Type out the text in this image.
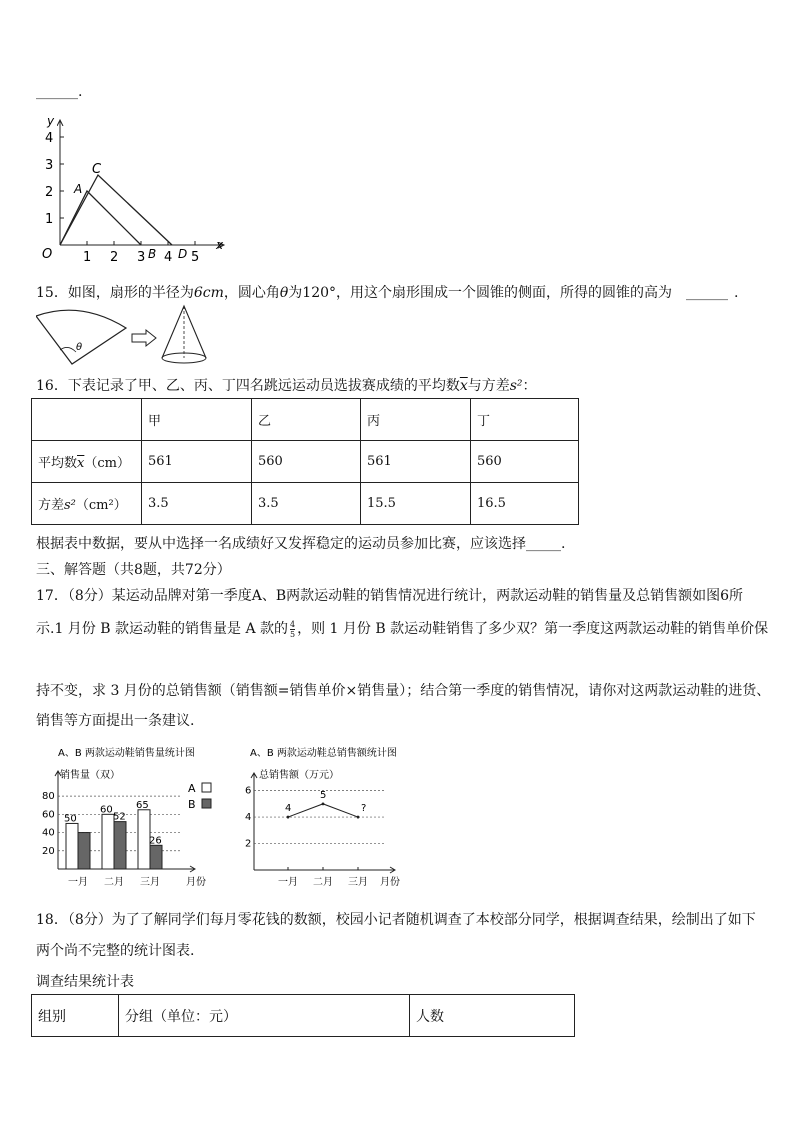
______.
1 2 3 4 5
1
2
3
4
O
x
y
A
C
B D
15．如图，扇形的半径为6cm，圆心角θ为120°，用这个扇形围成一个圆锥的侧面，所得的圆锥的高为 ______ .
θ
16．下表记录了甲、乙、丙、丁四名跳远运动员选拔赛成绩的平均数$\overline{x}$与方差s²：
	甲	乙	丙	丁
平均数$\overline{x}(cm)$	561	560	561	560
方差s²（cm²）	3.5	3.5	15.5	16.5
根据表中数据，要从中选择一名成绩好又发挥稳定的运动员参加比赛，应该选择_____.
三、解答题（共8题，共72分）
17．（8分）某运动品牌对第一季度A、B两款运动鞋的销售情况进行统计，两款运动鞋的销售量及总销售额如图6所
示.1 月份 B 款运动鞋的销售量是 A 款的 $\frac{4}{5}$ ，则 1 月份 B 款运动鞋销售了多少双？第一季度这两款运动鞋的销售单价保
持不变，求 3 月份的总销售额（销售额=销售单价×销售量）；结合第一季度的销售情况，请你对这两款运动鞋的进货、
销售等方面提出一条建议.
A、B 两款运动鞋销售量统计图
销售量（双）
月份
A
B
20
40
60
80
50
一月
60
52
二月
65
26
三月
A、B 两款运动鞋总销售额统计图
总销售额（万元）
月份
2
4
6
4
一月
5
二月
?
三月
18．（8分）为了了解同学们每月零花钱的数额，校园小记者随机调查了本校部分同学，根据调查结果，绘制出了如下
两个尚不完整的统计图表.
调查结果统计表
组别	分组（单位：元）	人数
